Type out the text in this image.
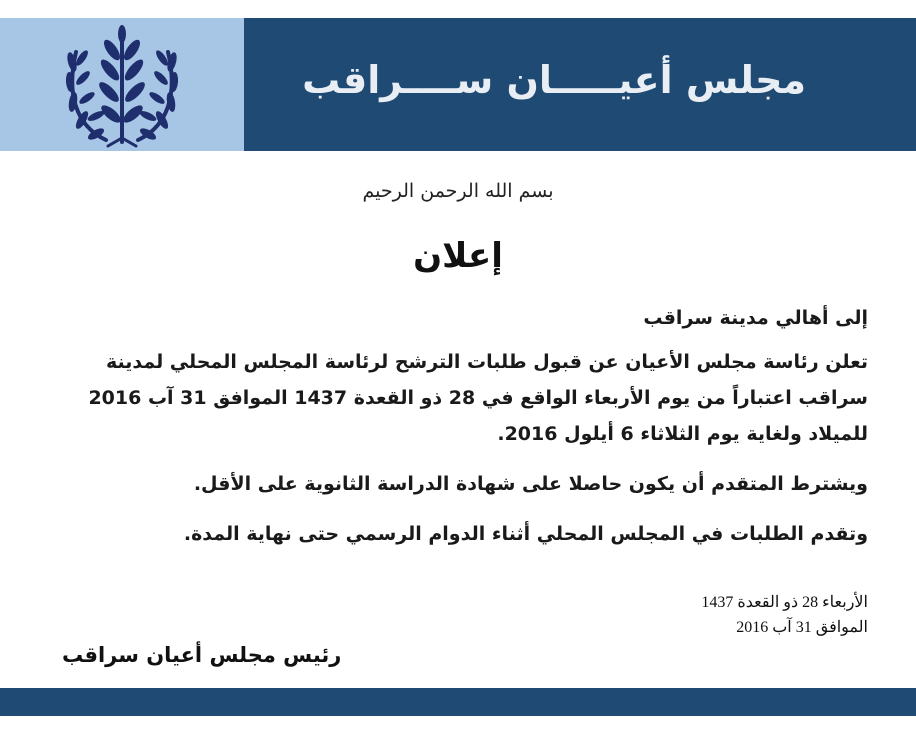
مجلس أعيـــــان ســــراقب
بسم الله الرحمن الرحيم
إعلان

إلى أهالي مدينة سراقب

تعلن رئاسة مجلس الأعيان عن قبول طلبات الترشح لرئاسة المجلس المحلي لمدينة سراقب اعتباراً من يوم الأربعاء الواقع في 28 ذو القعدة 1437 الموافق 31 آب 2016 للميلاد ولغاية يوم الثلاثاء 6 أيلول 2016.

ويشترط المتقدم أن يكون حاصلا على شهادة الدراسة الثانوية على الأقل.

وتقدم الطلبات في المجلس المحلي أثناء الدوام الرسمي حتى نهاية المدة.

الأربعاء 28 ذو القعدة 1437
الموافق 31 آب 2016
رئيس مجلس أعيان سراقب
